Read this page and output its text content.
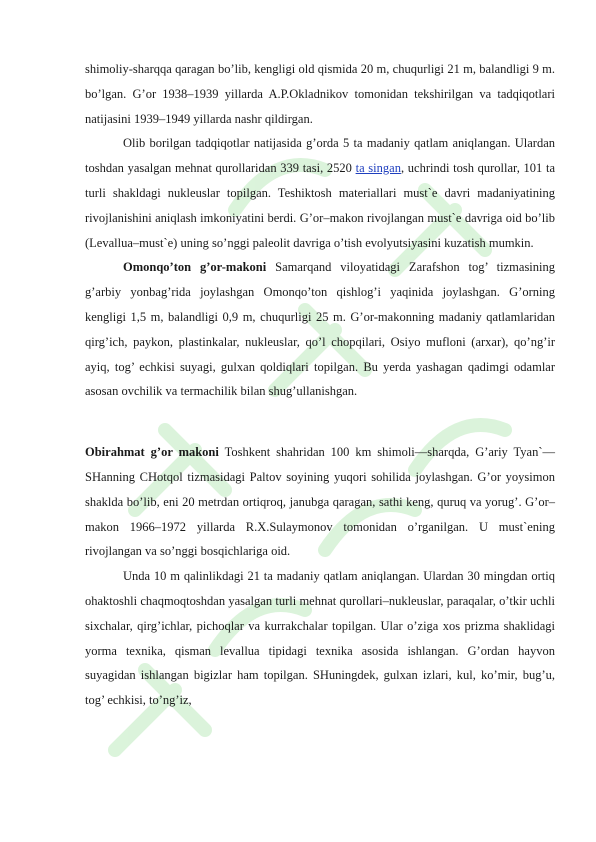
shimoliy-sharqqa qaragan bo’lib, kengligi old qismida 20 m, chuqurligi 21 m, balandligi 9 m. bo’lgan. G’or 1938–1939 yillarda A.P.Okladnikov tomonidan tekshirilgan va tadqiqotlari natijasini 1939–1949 yillarda nashr qildirgan.

Olib borilgan tadqiqotlar natijasida g’orda 5 ta madaniy qatlam aniqlangan. Ulardan toshdan yasalgan mehnat qurollaridan 339 tasi, 2520 ta singan, uchrindi tosh qurollar, 101 ta turli shakldagi nukleuslar topilgan. Teshiktosh materiallari must`e davri madaniyatining rivojlanishini aniqlash imkoniyatini berdi. G’or–makon rivojlangan must`e davriga oid bo’lib (Levallua–must`e) uning so’nggi paleolit davriga o’tish evolyutsiyasini kuzatish mumkin.

Omonqo’ton g’or-makoni Samarqand viloyatidagi Zarafshon tog’ tizmasining g’arbiy yonbag’rida joylashgan Omonqo’ton qishlog’i yaqinida joylashgan. G’orning kengligi 1,5 m, balandligi 0,9 m, chuqurligi 25 m. G’or-makonning madaniy qatlamlaridan qirg’ich, paykon, plastinkalar, nukleuslar, qo’l chopqilari, Osiyo mufloni (arxar), qo’ng’ir ayiq, tog’ echkisi suyagi, gulxan qoldiqlari topilgan. Bu yerda yashagan qadimgi odamlar asosan ovchilik va termachilik bilan shug’ullanishgan.

Obirahmat g’or makoni Toshkent shahridan 100 km shimoli—sharqda, G’ariy Tyan`—SHanning CHotqol tizmasidagi Paltov soyining yuqori sohilida joylashgan. G’or yoysimon shaklda bo’lib, eni 20 metrdan ortiqroq, janubga qaragan, sathi keng, quruq va yorug’. G’or–makon 1966–1972 yillarda R.X.Sulaymonov tomonidan o’rganilgan. U must`ening rivojlangan va so’nggi bosqichlariga oid.

Unda 10 m qalinlikdagi 21 ta madaniy qatlam aniqlangan. Ulardan 30 mingdan ortiq ohaktoshli chaqmoqtoshdan yasalgan turli mehnat qurollari–nukleuslar, paraqalar, o’tkir uchli sixchalar, qirg’ichlar, pichoqlar va kurrakchalar topilgan. Ular o’ziga xos prizma shaklidagi yorma texnika, qisman levallua tipidagi texnika asosida ishlangan. G’ordan hayvon suyagidan ishlangan bigizlar ham topilgan. SHuningdek, gulxan izlari, kul, ko’mir, bug’u, tog’ echkisi, to’ng’iz,
